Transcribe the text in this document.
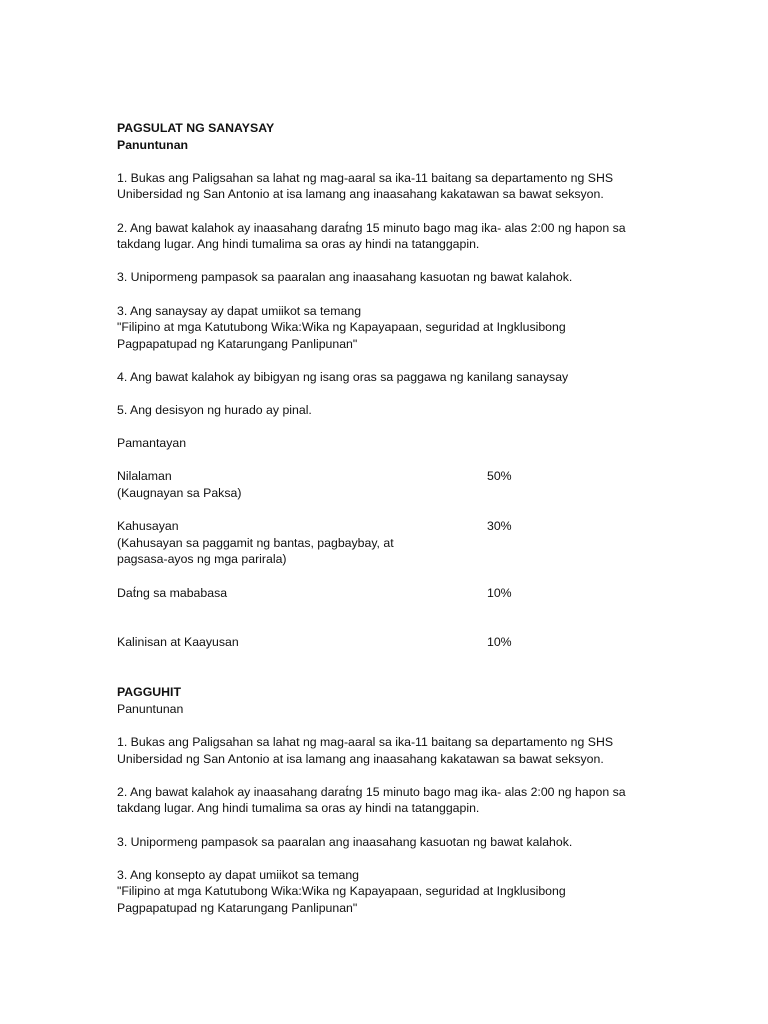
PAGSULAT NG SANAYSAY
Panuntunan
1. Bukas ang Paligsahan sa lahat ng mag-aaral sa ika-11 baitang sa departamento ng SHS
Unibersidad ng San Antonio at isa lamang ang inaasahang kakatawan sa bawat seksyon.
2. Ang bawat kalahok ay inaasahang darat́ng 15 minuto bago mag ika- alas 2:00 ng hapon sa
takdang lugar. Ang hindi tumalima sa oras ay hindi na tatanggapin.
3. Unipormeng pampasok sa paaralan ang inaasahang kasuotan ng bawat kalahok.
3. Ang sanaysay ay dapat umiikot sa temang
"Filipino at mga Katutubong Wika:Wika ng Kapayapaan, seguridad at Ingklusibong
Pagpapatupad ng Katarungang Panlipunan"
4. Ang bawat kalahok ay bibigyan ng isang oras sa paggawa ng kanilang sanaysay
5. Ang desisyon ng hurado ay pinal.
Pamantayan
Nilalaman	50%
(Kaugnayan sa Paksa)
Kahusayan	30%
(Kahusayan sa paggamit ng bantas, pagbaybay, at
pagsasa-ayos ng mga parirala)
Dat́ng sa mababasa	10%
Kalinisan at Kaayusan	10%
PAGGUHIT
Panuntunan
1. Bukas ang Paligsahan sa lahat ng mag-aaral sa ika-11 baitang sa departamento ng SHS
Unibersidad ng San Antonio at isa lamang ang inaasahang kakatawan sa bawat seksyon.
2. Ang bawat kalahok ay inaasahang darat́ng 15 minuto bago mag ika- alas 2:00 ng hapon sa
takdang lugar. Ang hindi tumalima sa oras ay hindi na tatanggapin.
3. Unipormeng pampasok sa paaralan ang inaasahang kasuotan ng bawat kalahok.
3. Ang konsepto ay dapat umiikot sa temang
"Filipino at mga Katutubong Wika:Wika ng Kapayapaan, seguridad at Ingklusibong
Pagpapatupad ng Katarungang Panlipunan"
